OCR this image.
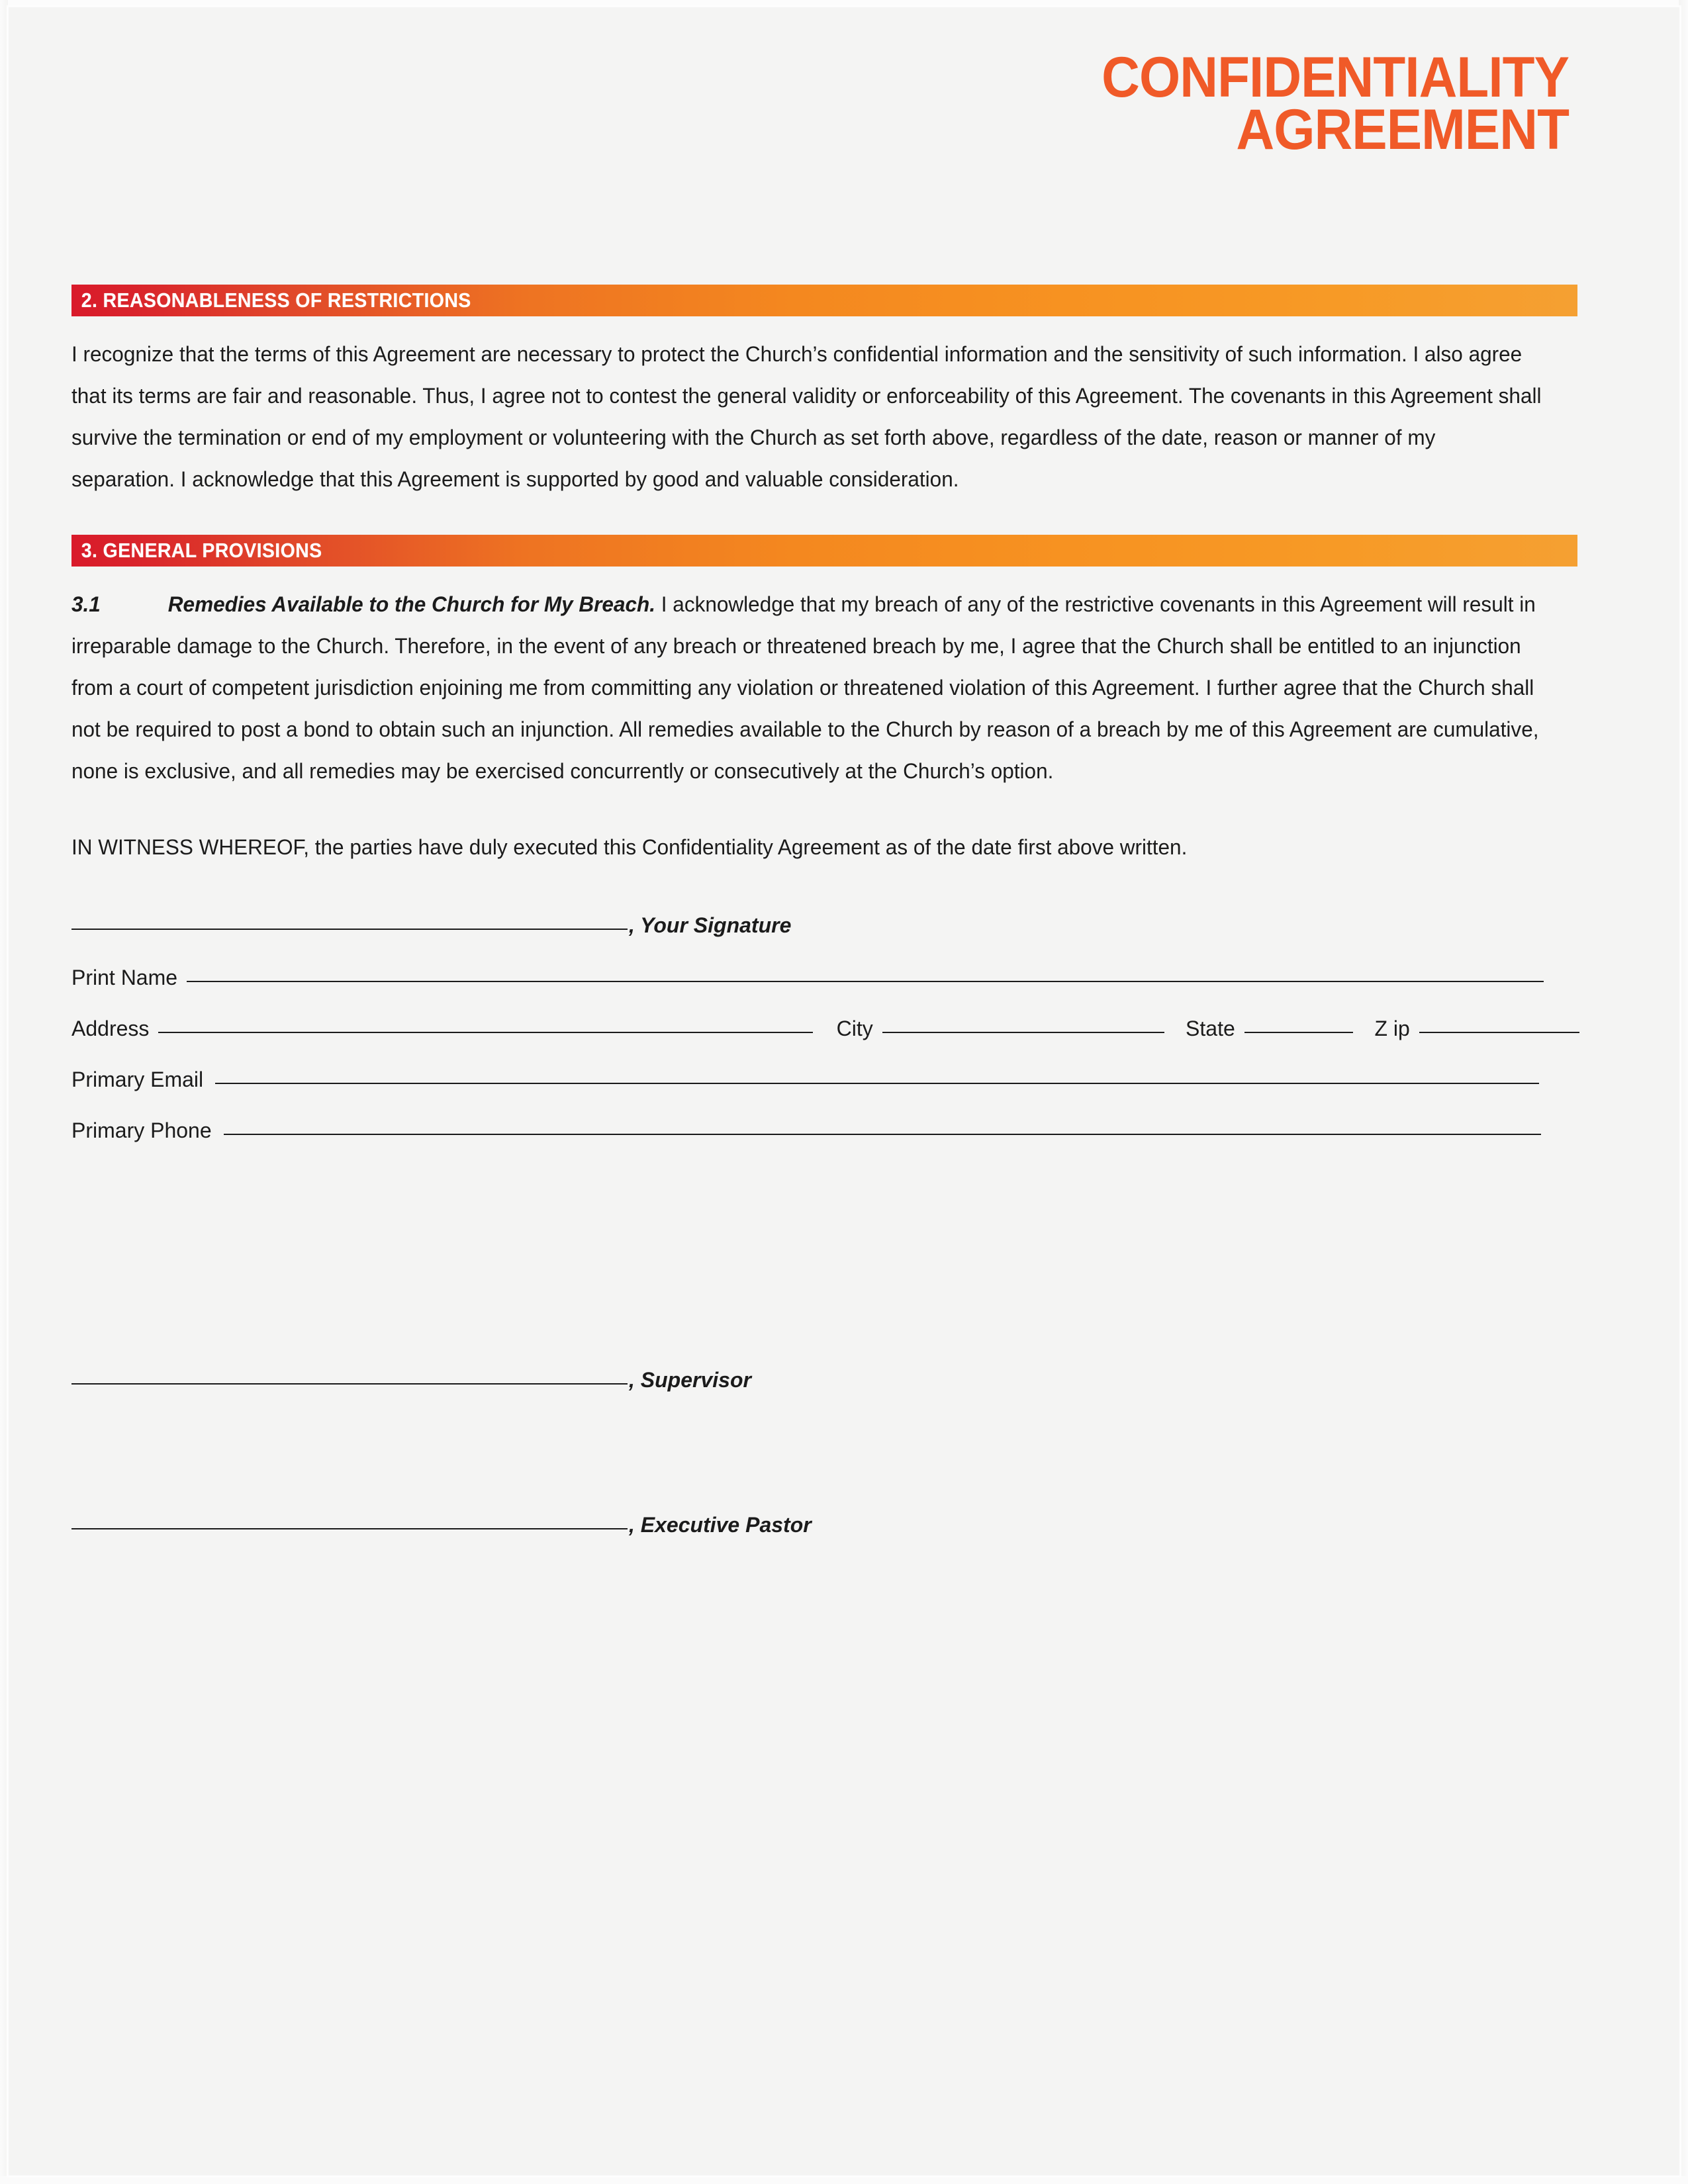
CONFIDENTIALITY
AGREEMENT
2. REASONABLENESS OF RESTRICTIONS
I recognize that the terms of this Agreement are necessary to protect the Church’s confidential information and the sensitivity of such information. I also agree that its terms are fair and reasonable. Thus, I agree not to contest the general validity or enforceability of this Agreement. The covenants in this Agreement shall survive the termination or end of my employment or volunteering with the Church as set forth above, regardless of the date, reason or manner of my separation. I acknowledge that this Agreement is supported by good and valuable consideration.
3. GENERAL PROVISIONS
3.1	Remedies Available to the Church for My Breach. I acknowledge that my breach of any of the restrictive covenants in this Agreement will result in irreparable damage to the Church. Therefore, in the event of any breach or threatened breach by me, I agree that the Church shall be entitled to an injunction from a court of competent jurisdiction enjoining me from committing any violation or threatened violation of this Agreement. I further agree that the Church shall not be required to post a bond to obtain such an injunction. All remedies available to the Church by reason of a breach by me of this Agreement are cumulative, none is exclusive, and all remedies may be exercised concurrently or consecutively at the Church’s option.
IN WITNESS WHEREOF, the parties have duly executed this Confidentiality Agreement as of the date first above written.
, Your Signature
Print Name
Address	City	State	Z ip
Primary Email
Primary Phone
, Supervisor
, Executive Pastor
